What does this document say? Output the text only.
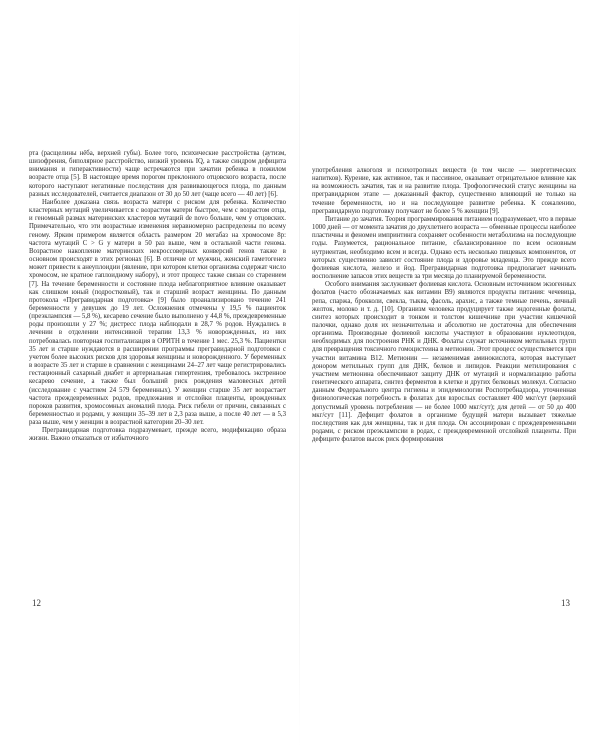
рта (расщелины нёба, верхней губы). Более того, психические расстройства (аутизм, шизофрения, биполярное расстройство, низкий уровень IQ, а также синдром дефицита внимания и гиперактивности) чаще встречаются при зачатии ребенка в пожилом возрасте отца [5]. В настоящее время порогом преклонного отцовского возраста, после которого наступают негативные последствия для развивающегося плода, по данным разных исследователей, считается диапазон от 30 до 50 лет (чаще всего — 40 лет) [6].

Наиболее доказана связь возраста матери с риском для ребенка. Количество кластерных мутаций увеличивается с возрастом матери быстрее, чем с возрастом отца, и геномный размах материнских кластеров мутаций de novo больше, чем у отцовских. Примечательно, что эти возрастные изменения неравномерно распределены по всему геному. Ярким примером является область размером 20 мегабаз на хромосоме 8р: частота мутаций C > G у матери в 50 раз выше, чем в остальной части генома. Возрастное накопление материнских некроссоверных конверсий генов также в основном происходят в этих регионах [6]. В отличие от мужчин, женский гаметогенез может привести к анеуплоидии (явление, при котором клетки организма содержат число хромосом, не кратное гаплоидному набору), и этот процесс также связан со старением [7]. На течение беременности и состояние плода неблагоприятное влияние оказывает как слишком юный (подростковый), так и старший возраст женщины. По данным протокола «Прегравидарная подготовка» [9] было проанализировано течение 241 беременности у девушек до 19 лет. Осложнения отмечены у 19,5 % пациенток (преэклампсия — 5,8 %), кесарево сечение было выполнено у 44,8 %, преждевременные роды произошли у 27 %; дистресс плода наблюдали в 28,7 % родов. Нуждались в лечении в отделении интенсивной терапии 13,3 % новорожденных, из них потребовалась повторная госпитализация в ОРИТН в течение 1 мес. 25,3 %. Пациентки 35 лет и старше нуждаются в расширении программы прегравидарной подготовки с учетом более высоких рисков для здоровья женщины и новорожденного. У беременных в возрасте 35 лет и старше в сравнении с женщинами 24–27 лет чаще регистрировались гестационный сахарный диабет и артериальная гипертензия, требовалось экстренное кесарево сечение, а также был больший риск рождения маловесных детей (исследование с участием 24 579 беременных). У женщин старше 35 лет возрастает частота преждевременных родов, предлежания и отслойки плаценты, врожденных пороков развития, хромосомных аномалий плода. Риск гибели от причин, связанных с беременностью и родами, у женщин 35–39 лет в 2,3 раза выше, а после 40 лет — в 5,3 раза выше, чем у женщин в возрастной категории 20–30 лет.

Прегравидарная подготовка подразумевает, прежде всего, модификацию образа жизни. Важно отказаться от избыточного

12

употребления алкоголя и психотропных веществ (в том числе — энергетических напитков). Курение, как активное, так и пассивное, оказывает отрицательное влияние как на возможность зачатия, так и на развитие плода. Трофологический статус женщины на прегравидарном этапе — доказанный фактор, существенно влияющий не только на течение беременности, но и на последующее развитие ребенка. К сожалению, прегравидарную подготовку получают не более 5 % женщин [9].

Питание до зачатия. Теория программирования питанием подразумевает, что в первые 1000 дней — от момента зачатия до двухлетнего возраста — обменные процессы наиболее пластичны и феномен импринтинга сохраняет особенности метаболизма на последующие годы. Разумеется, рациональное питание, сбалансированное по всем основным нутриентам, необходимо всем и всегда. Однако есть несколько пищевых компонентов, от которых существенно зависит состояние плода и здоровье младенца. Это прежде всего фолиевая кислота, железо и йод. Прегравидарная подготовка предполагает начинать восполнение запасов этих веществ за три месяца до планируемой беременности.

Особого внимания заслуживает фолиевая кислота. Основным источником экзогенных фолатов (часто обозначаемых как витамин B9) являются продукты питания: чечевица, репа, спаржа, брокколи, свекла, тыква, фасоль, арахис, а также темные печень, яичный желток, молоко и т. д. [10]. Организм человека продуцирует также эндогенные фолаты, синтез которых происходит в тонком и толстом кишечнике при участии кишечной палочки, однако доля их незначительна и абсолютно не достаточна для обеспечения организма. Производные фолиевой кислоты участвуют в образовании нуклеотидов, необходимых для построения РНК и ДНК. Фолаты служат источником метильных групп для превращения токсичного гомоцистеина в метионин. Этот процесс осуществляется при участии витамина B12. Метионин — незаменимая аминокислота, которая выступает донором метильных групп для ДНК, белков и липидов. Реакции метилирования с участием метионина обеспечивают защиту ДНК от мутаций и нормализацию работы генетического аппарата, синтез ферментов в клетке и других белковых молекул. Согласно данным Федерального центра гигиены и эпидемиологии Роспотребнадзора, уточненная физиологическая потребность в фолатах для взрослых составляет 400 мкг/сут (верхний допустимый уровень потребления — не более 1000 мкг/сут); для детей — от 50 до 400 мкг/сут [11]. Дефицит фолатов в организме будущей матери вызывает тяжелые последствия как для женщины, так и для плода. Он ассоциирован с преждевременными родами, с риском преэклампсии в родах, с преждевременной отслойкой плаценты. При дефиците фолатов высок риск формирования

13
